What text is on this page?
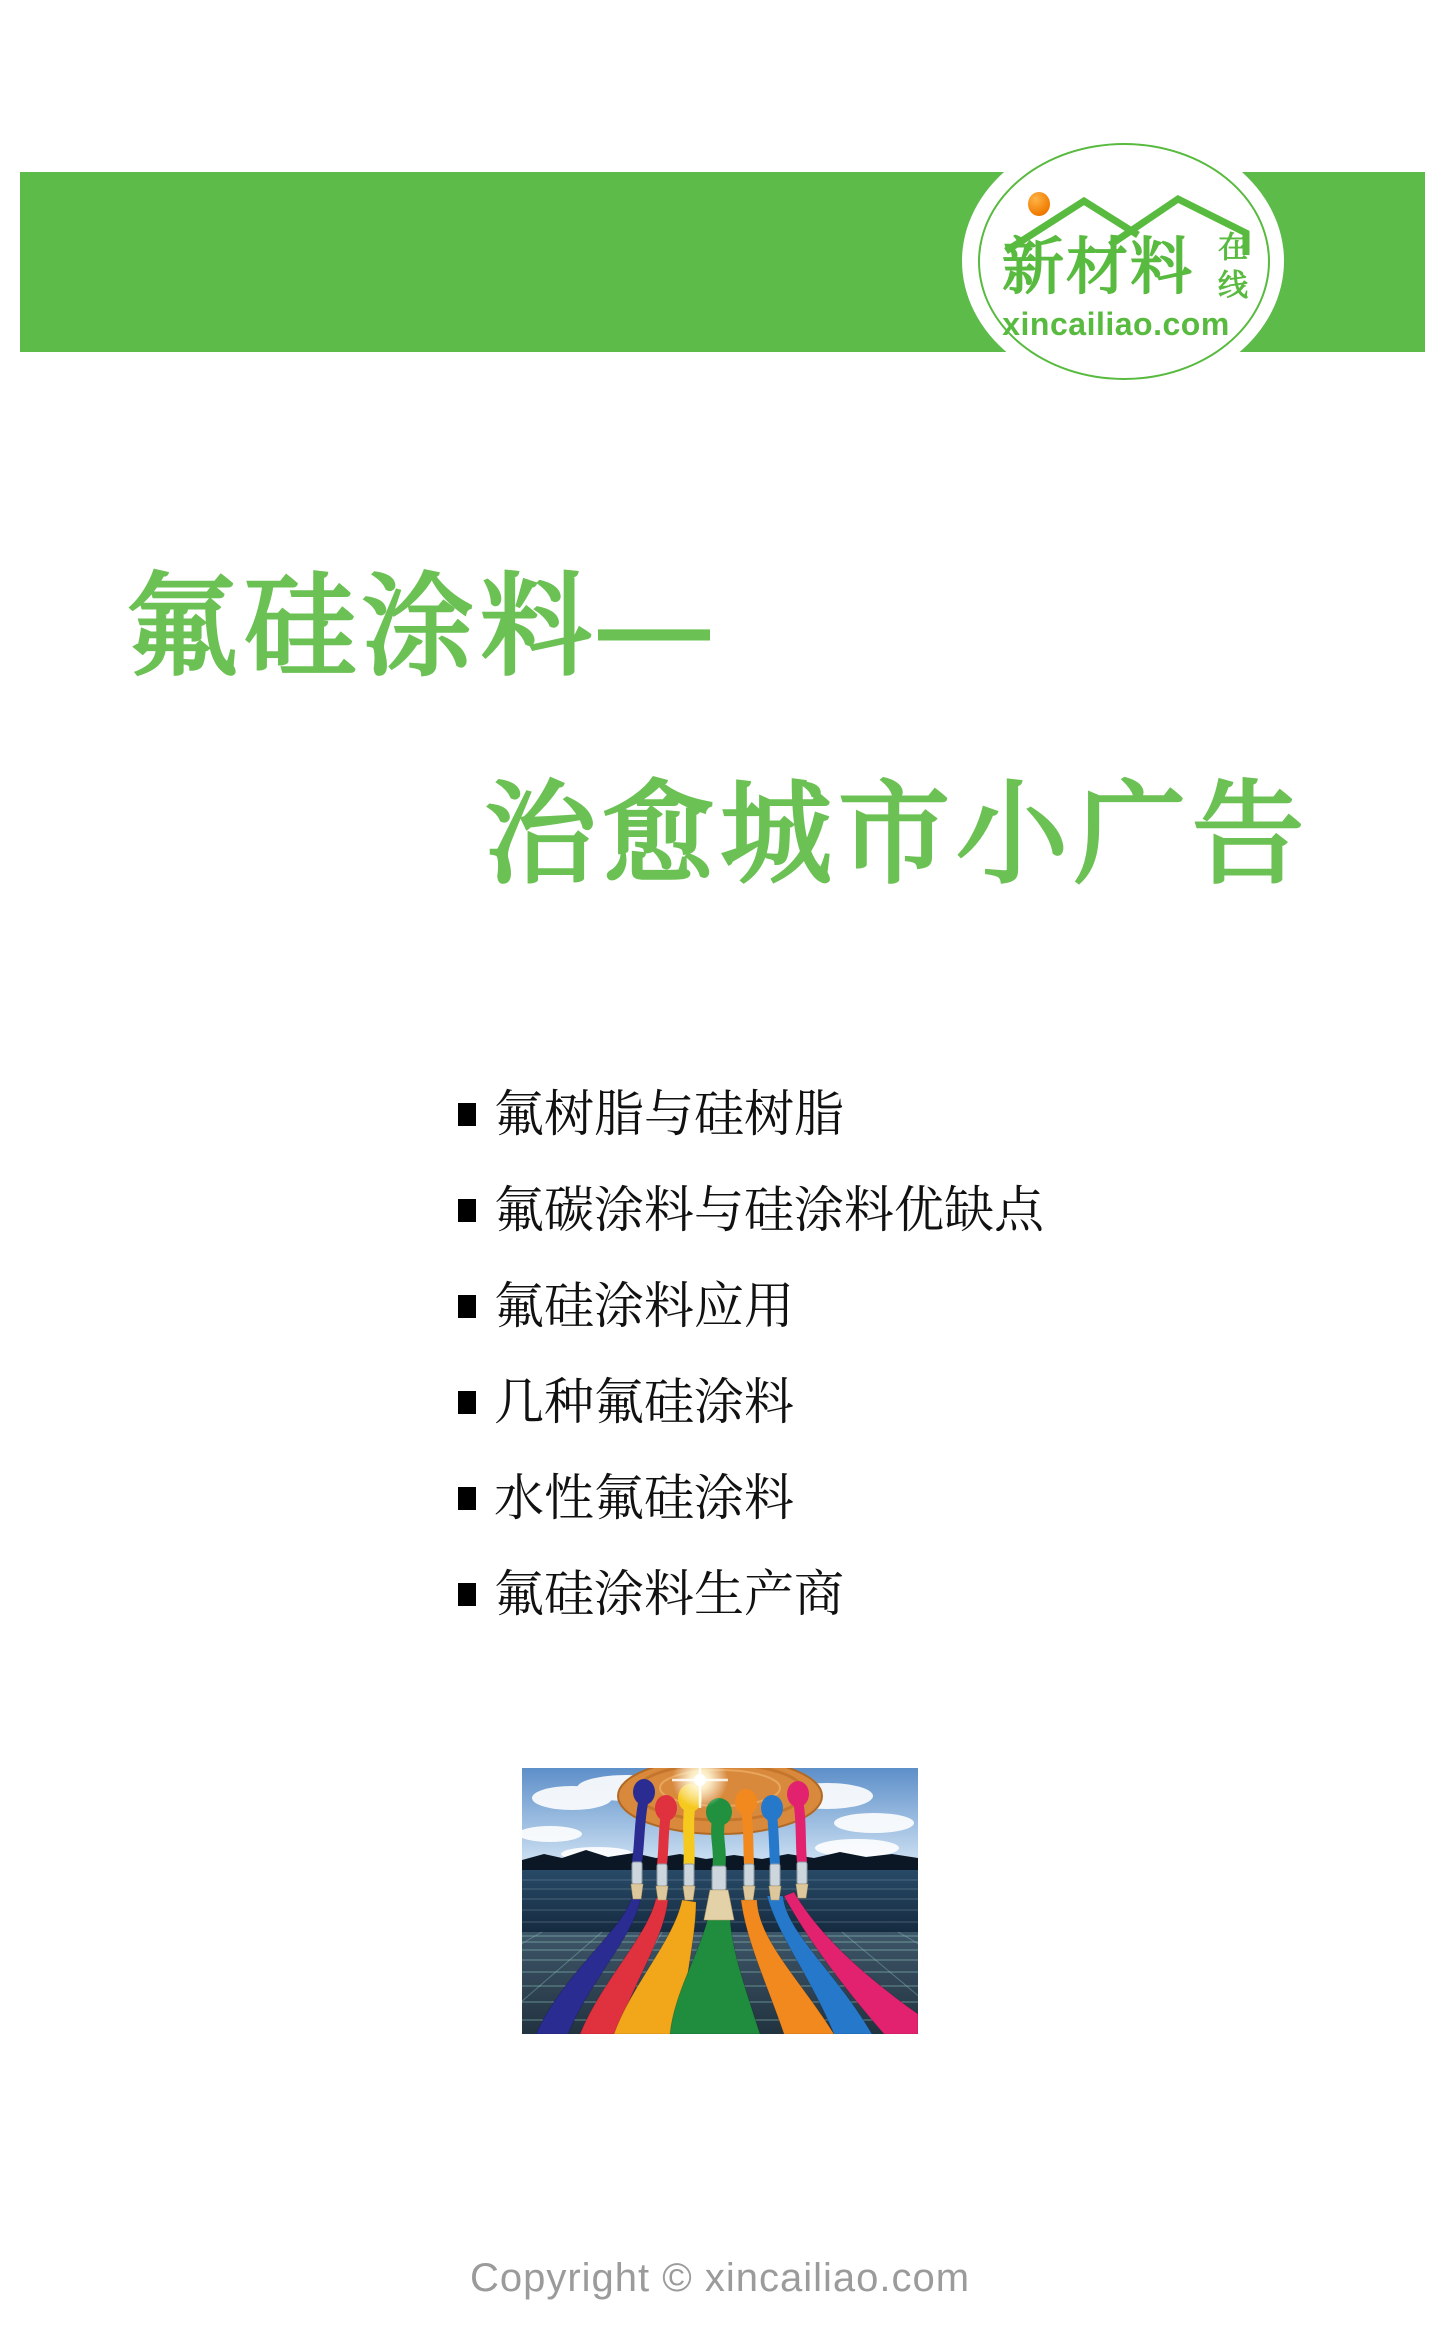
新材料 在线
xincailiao.com
氟硅涂料—
治愈城市小广告
氟树脂与硅树脂
氟碳涂料与硅涂料优缺点
氟硅涂料应用
几种氟硅涂料
水性氟硅涂料
氟硅涂料生产商
Copyright © xincailiao.com
